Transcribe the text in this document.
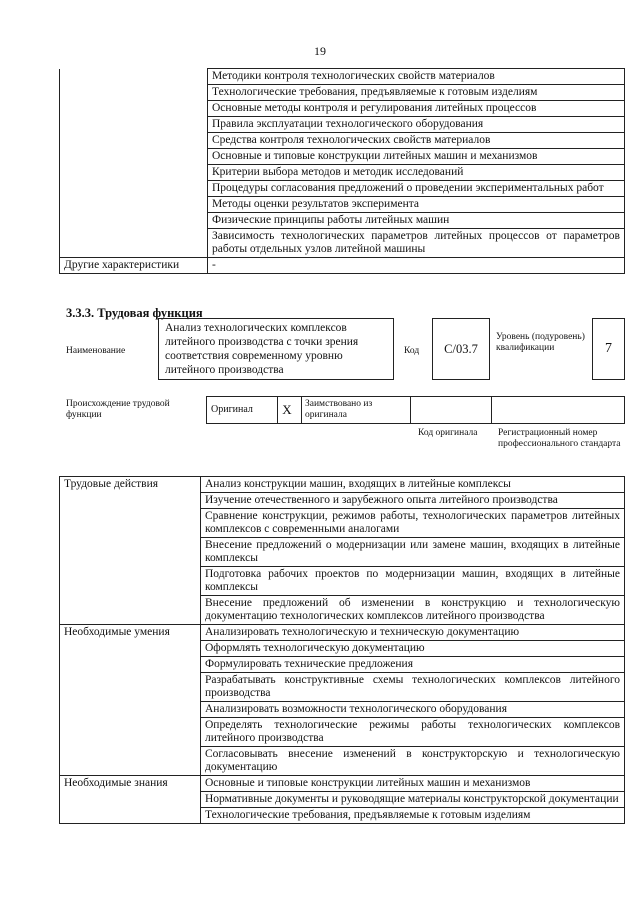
19
	Методики контроля технологических свойств материалов
	Технологические требования, предъявляемые к готовым изделиям
	Основные методы контроля и регулирования литейных процессов
	Правила эксплуатации технологического оборудования
	Средства контроля технологических свойств материалов
	Основные и типовые конструкции литейных машин и механизмов
	Критерии выбора методов и методик исследований
	Процедуры согласования предложений о проведении экспериментальных работ
	Методы оценки результатов эксперимента
	Физические принципы работы литейных машин
	Зависимость технологических параметров литейных процессов от параметров работы отдельных узлов литейной машины
Другие характеристики	-
3.3.3. Трудовая функция
Наименование
Анализ технологических комплексов литейного производства с точки зрения соответствия современному уровню литейного производства
Код C/03.7
Уровень (подуровень) квалификации	7
Происхождение трудовой функции	Оригинал	X	Заимствовано из оригинала
Код оригинала Регистрационный номер профессионального стандарта
Трудовые действия	Анализ конструкции машин, входящих в литейные комплексы
	Изучение отечественного и зарубежного опыта литейного производства
	Сравнение конструкции, режимов работы, технологических параметров литейных комплексов с современными аналогами
	Внесение предложений о модернизации или замене машин, входящих в литейные комплексы
	Подготовка рабочих проектов по модернизации машин, входящих в литейные комплексы
	Внесение предложений об изменении в конструкцию и технологическую документацию технологических комплексов литейного производства
Необходимые умения	Анализировать технологическую и техническую документацию
	Оформлять технологическую документацию
	Формулировать технические предложения
	Разрабатывать конструктивные схемы технологических комплексов литейного производства
	Анализировать возможности технологического оборудования
	Определять технологические режимы работы технологических комплексов литейного производства
	Согласовывать внесение изменений в конструкторскую и технологическую документацию
Необходимые знания	Основные и типовые конструкции литейных машин и механизмов
	Нормативные документы и руководящие материалы конструкторской документации
	Технологические требования, предъявляемые к готовым изделиям
